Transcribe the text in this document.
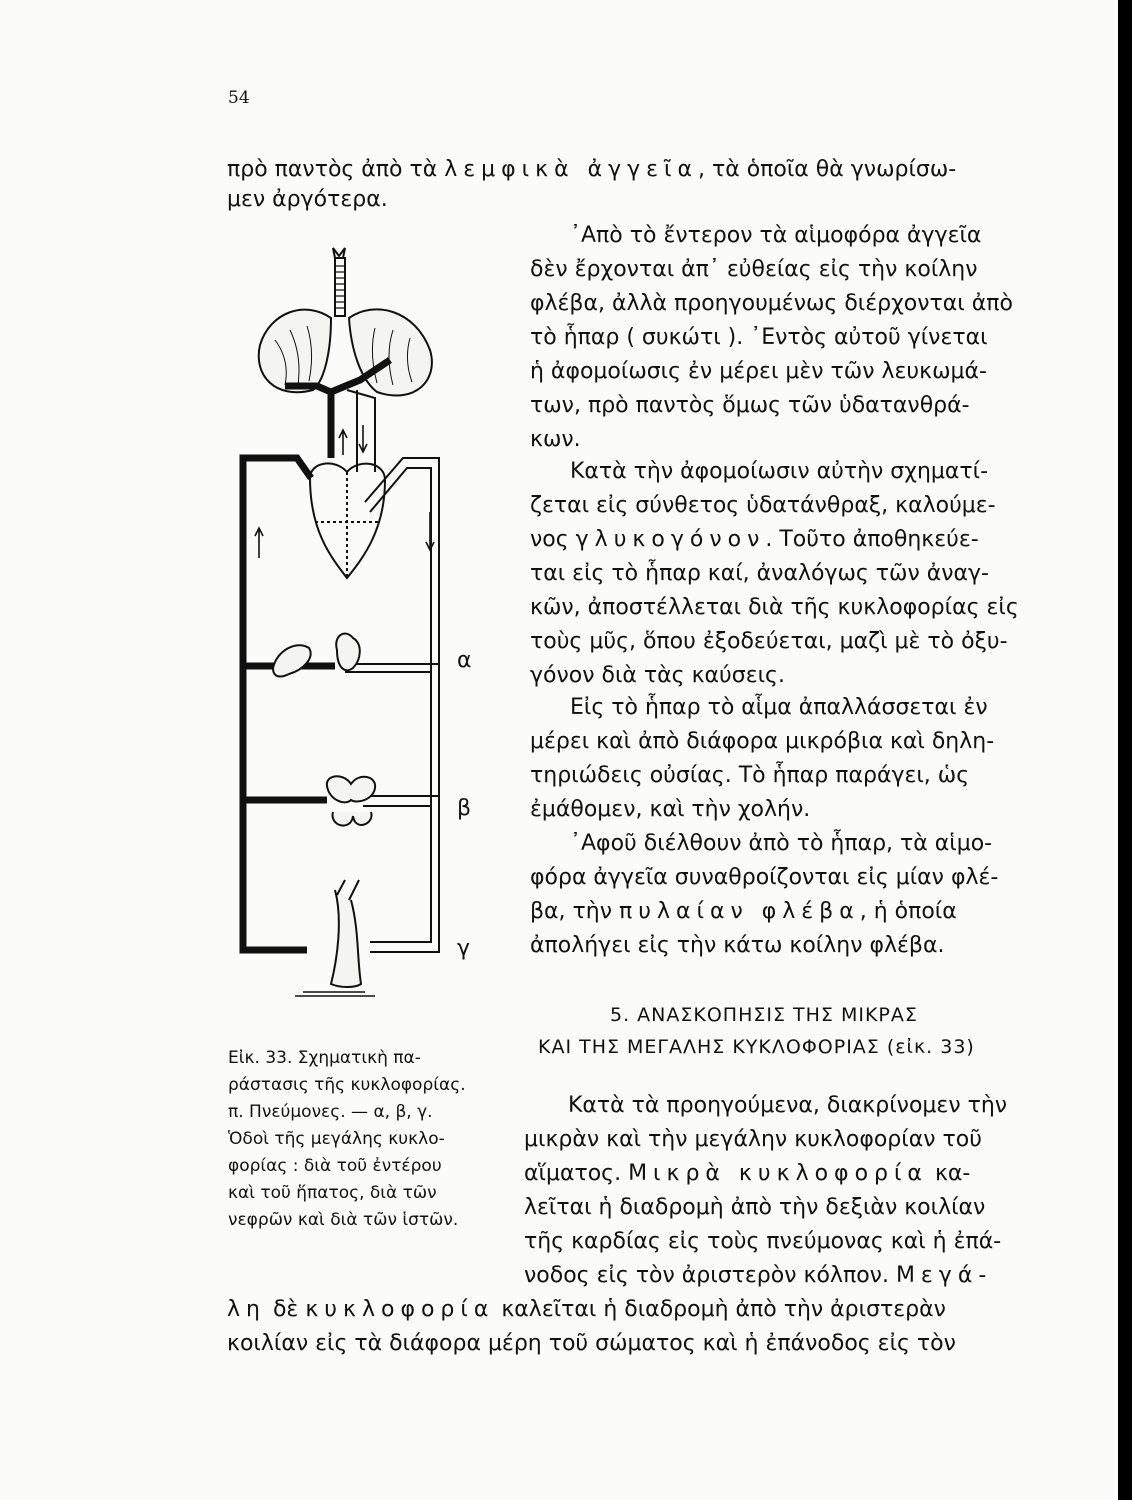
54
πρὸ παντὸς ἀπὸ τὰ λεμφικὰ ἀγγεῖα, τὰ ὁποῖα θὰ γνωρίσω-
μεν ἀργότερα.
᾿Απὸ τὸ ἔντερον τὰ αἱμοφόρα ἀγγεῖα
δὲν ἔρχονται ἀπ᾿ εὐθείας εἰς τὴν κοίλην
φλέβα, ἀλλὰ προηγουμένως διέρχονται ἀπὸ
τὸ ἧπαρ ( συκώτι ). ᾿Εντὸς αὐτοῦ γίνεται
ἡ ἀφομοίωσις ἐν μέρει μὲν τῶν λευκωμά-
των, πρὸ παντὸς ὅμως τῶν ὑδατανθρά-
κων.
Κατὰ τὴν ἀφομοίωσιν αὐτὴν σχηματί-
ζεται εἰς σύνθετος ὑδατάνθραξ, καλούμε-
νος γλυκογόνον. Τοῦτο ἀποθηκεύε-
ται εἰς τὸ ἧπαρ καί, ἀναλόγως τῶν ἀναγ-
κῶν, ἀποστέλλεται διὰ τῆς κυκλοφορίας εἰς
τοὺς μῦς, ὅπου ἐξοδεύεται, μαζὶ μὲ τὸ ὀξυ-
γόνον διὰ τὰς καύσεις.
Εἰς τὸ ἧπαρ τὸ αἷμα ἀπαλλάσσεται ἐν
μέρει καὶ ἀπὸ διάφορα μικρόβια καὶ δηλη-
τηριώδεις οὐσίας. Τὸ ἧπαρ παράγει, ὡς
ἐμάθομεν, καὶ τὴν χολήν.
᾿Αφοῦ διέλθουν ἀπὸ τὸ ἧπαρ, τὰ αἱμο-
φόρα ἀγγεῖα συναθροίζονται εἰς μίαν φλέ-
βα, τὴν πυλαίαν φλέβα, ἡ ὁποία
ἀπολήγει εἰς τὴν κάτω κοίλην φλέβα.
5. ΑΝΑΣΚΟΠΗΣΙΣ ΤΗΣ ΜΙΚΡΑΣ
ΚΑΙ ΤΗΣ ΜΕΓΑΛΗΣ ΚΥΚΛΟΦΟΡΙΑΣ (εἰκ. 33)
Κατὰ τὰ προηγούμενα, διακρίνομεν τὴν
μικρὰν καὶ τὴν μεγάλην κυκλοφορίαν τοῦ
αἵματος. Μικρὰ κυκλοφορία κα-
λεῖται ἡ διαδρομὴ ἀπὸ τὴν δεξιὰν κοιλίαν
τῆς καρδίας εἰς τοὺς πνεύμονας καὶ ἡ ἐπά-
νοδος εἰς τὸν ἀριστερὸν κόλπον. Μεγά-
λη δὲ κυκλοφορία καλεῖται ἡ διαδρομὴ ἀπὸ τὴν ἀριστερὰν
κοιλίαν εἰς τὰ διάφορα μέρη τοῦ σώματος καὶ ἡ ἐπάνοδος εἰς τὸν
Εἰκ. 33. Σχηματικὴ πα-
ράστασις τῆς κυκλοφορίας.
π. Πνεύμονες. — α, β, γ.
Ὁδοὶ τῆς μεγάλης κυκλο-
φορίας : διὰ τοῦ ἐντέρου
καὶ τοῦ ἥπατος, διὰ τῶν
νεφρῶν καὶ διὰ τῶν ἱστῶν.
α
β
γ
